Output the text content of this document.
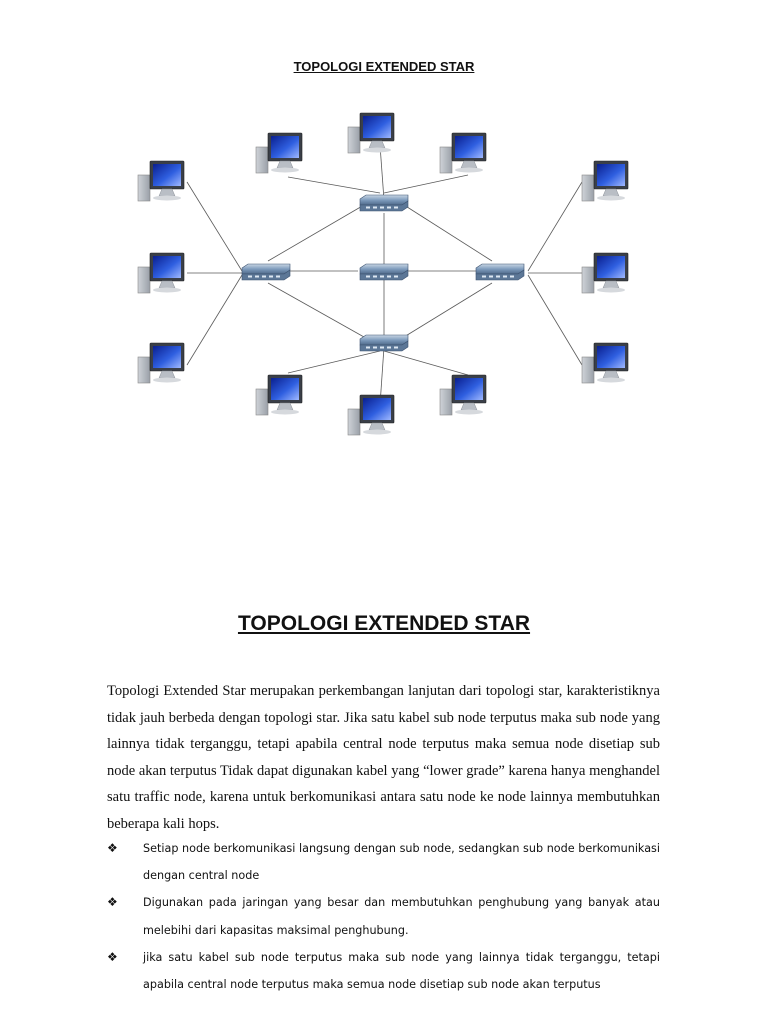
TOPOLOGI EXTENDED STAR
TOPOLOGI EXTENDED STAR

Topologi Extended Star merupakan perkembangan lanjutan dari topologi star, karakteristiknya tidak jauh berbeda dengan topologi star. Jika satu kabel sub node terputus maka sub node yang lainnya tidak terganggu, tetapi apabila central node terputus maka semua node disetiap sub node akan terputus Tidak dapat digunakan kabel yang “lower grade” karena hanya menghandel satu traffic node, karena untuk berkomunikasi antara satu node ke node lainnya membutuhkan beberapa kali hops.

❖ Setiap node berkomunikasi langsung dengan sub node, sedangkan sub node berkomunikasi dengan central node
❖ Digunakan pada jaringan yang besar dan membutuhkan penghubung yang banyak atau melebihi dari kapasitas maksimal penghubung.
❖ jika satu kabel sub node terputus maka sub node yang lainnya tidak terganggu, tetapi apabila central node terputus maka semua node disetiap sub node akan terputus
